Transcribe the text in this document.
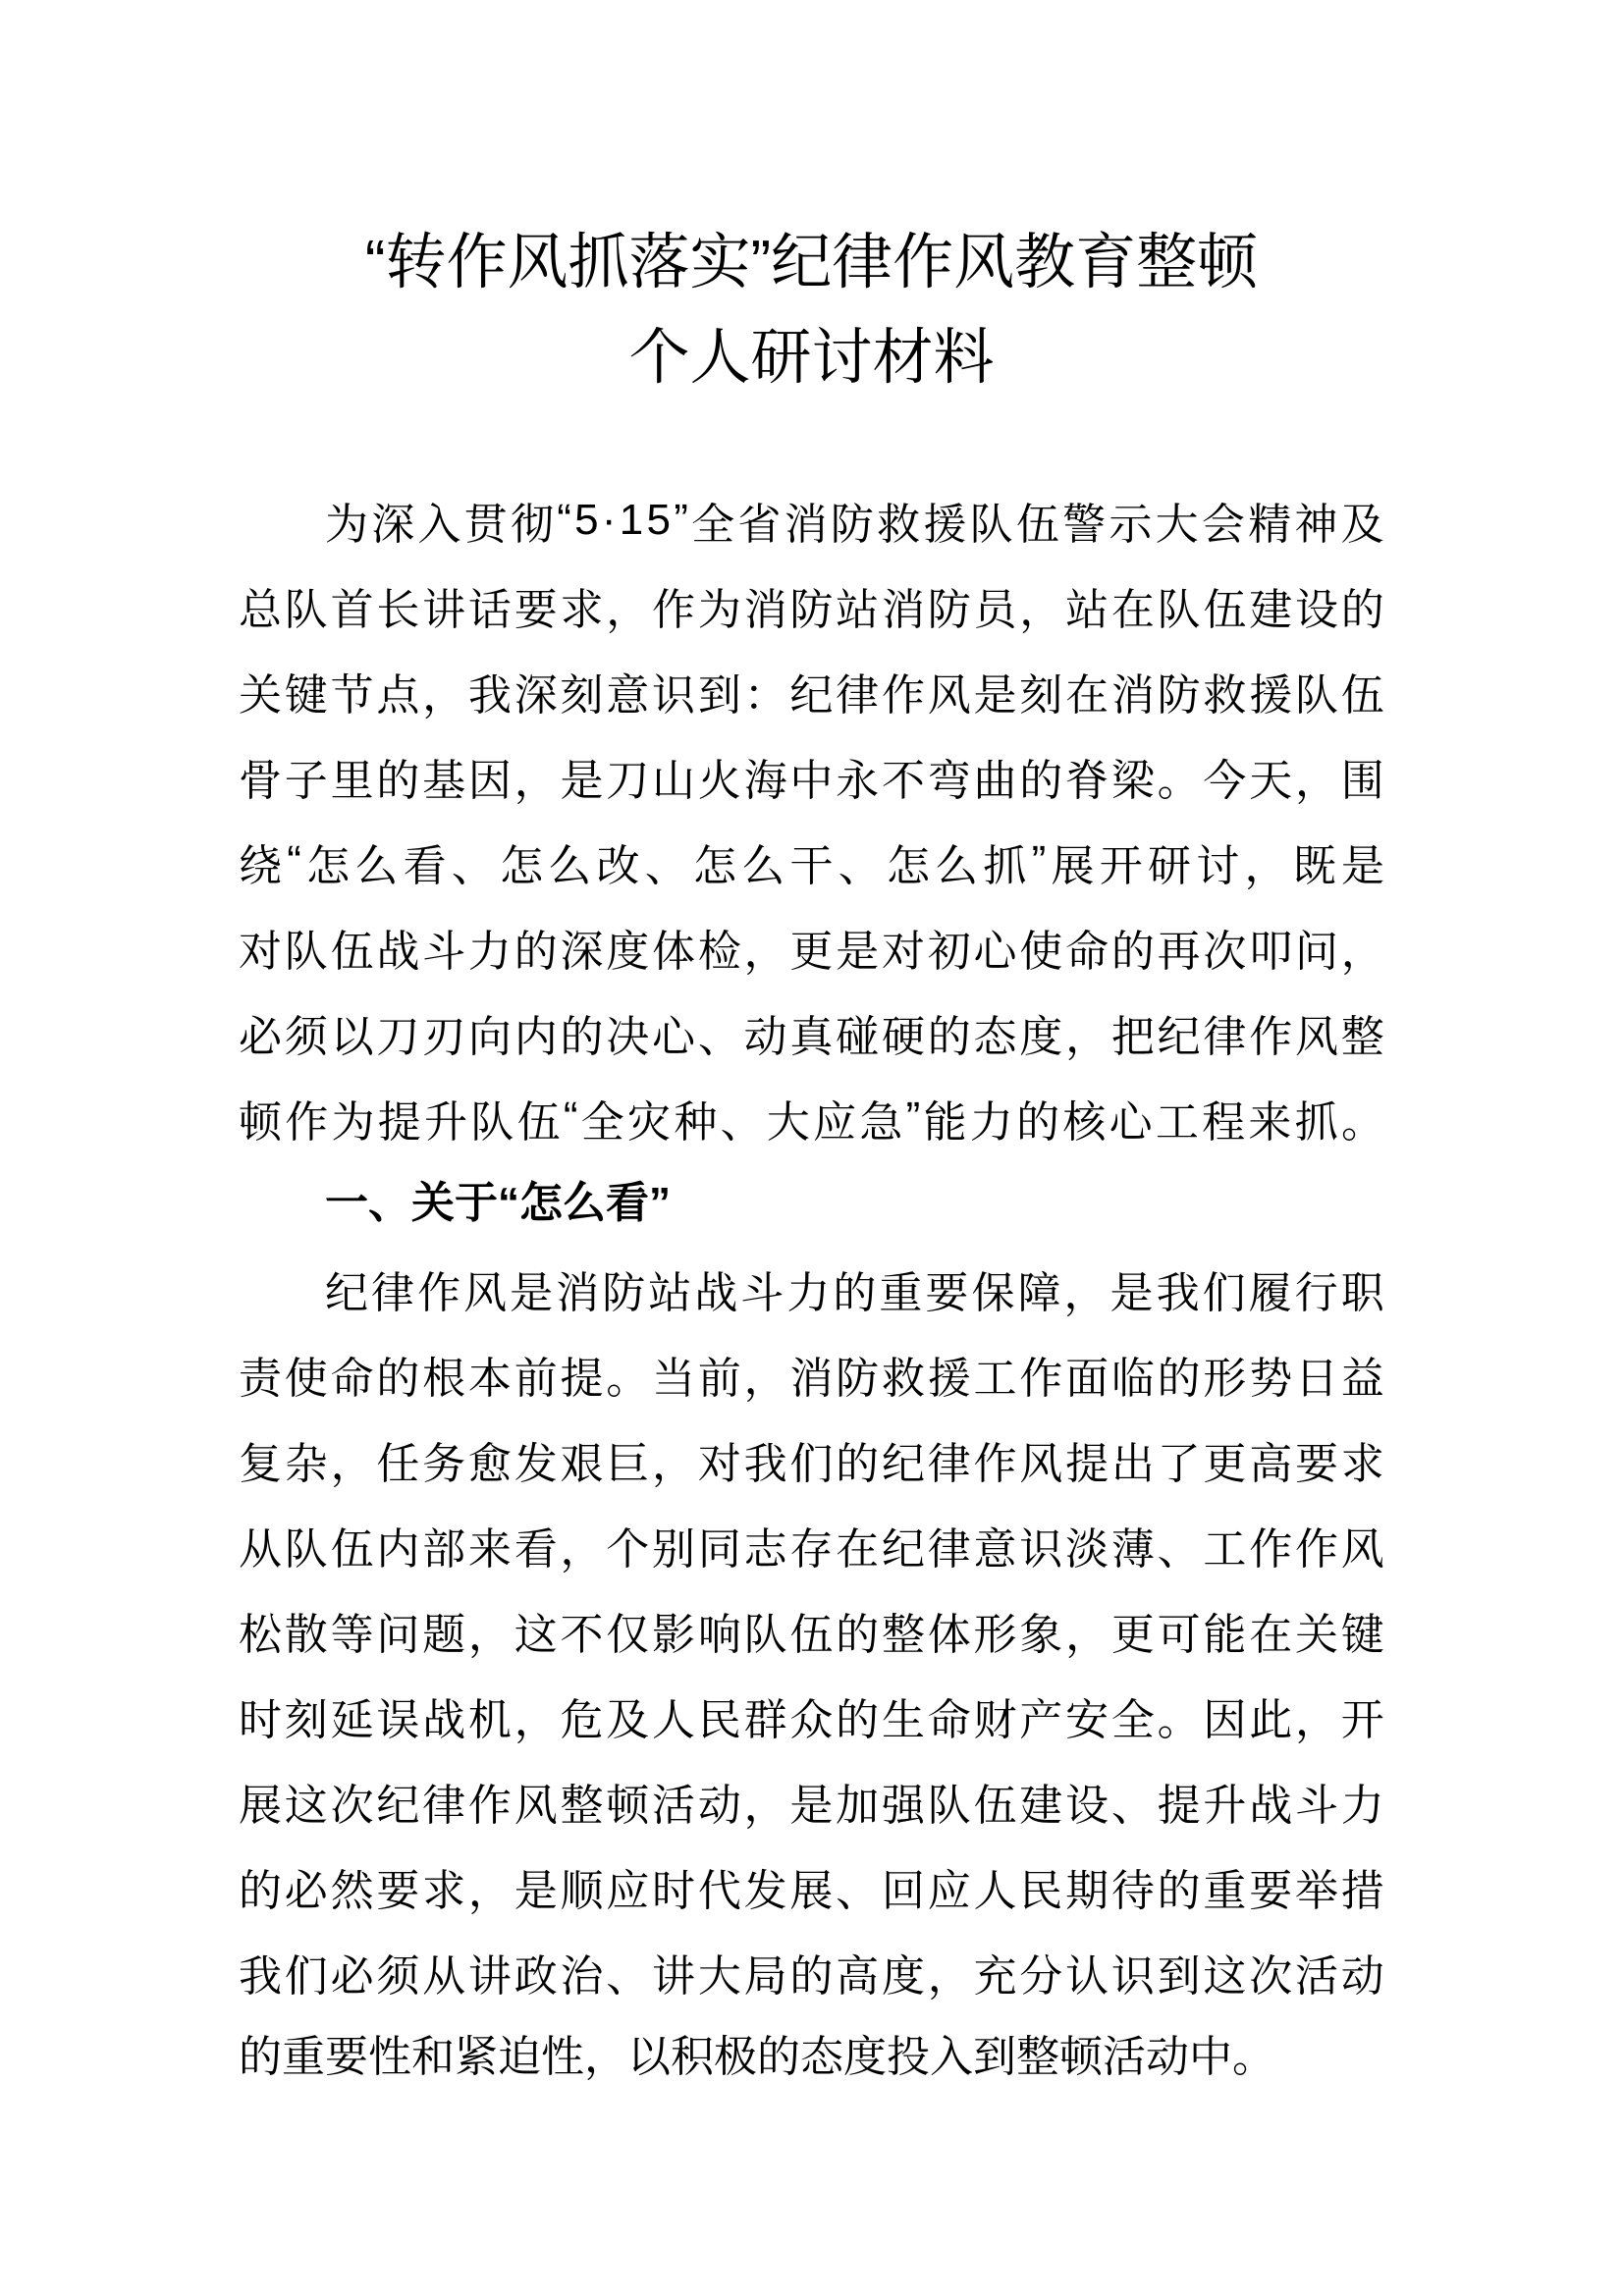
“转作风抓落实”纪律作风教育整顿
个人研讨材料
为 深 入 贯 彻 “ 5 · 1 5 ” 全 省 消 防 救 援 队 伍 警 示 大 会 精 神 及
总 队 首 长 讲 话 要 求 ， 作 为 消 防 站 消 防 员 ， 站 在 队 伍 建 设 的
关 键 节 点 ， 我 深 刻 意 识 到 ： 纪 律 作 风 是 刻 在 消 防 救 援 队 伍
骨 子 里 的 基 因 ， 是 刀 山 火 海 中 永 不 弯 曲 的 脊 梁 。 今 天 ， 围
绕 “ 怎 么 看 、 怎 么 改 、 怎 么 干 、 怎 么 抓 ” 展 开 研 讨 ， 既 是
对 队 伍 战 斗 力 的 深 度 体 检 ， 更 是 对 初 心 使 命 的 再 次 叩 问 ，
必 须 以 刀 刃 向 内 的 决 心 、 动 真 碰 硬 的 态 度 ， 把 纪 律 作 风 整
顿 作 为 提 升 队 伍 “ 全 灾 种 、 大 应 急 ” 能 力 的 核 心 工 程 来 抓 。
一、关于“怎么看”
纪 律 作 风 是 消 防 站 战 斗 力 的 重 要 保 障 ， 是 我 们 履 行 职
责 使 命 的 根 本 前 提 。 当 前 ， 消 防 救 援 工 作 面 临 的 形 势 日 益
复 杂 ， 任 务 愈 发 艰 巨 ， 对 我 们 的 纪 律 作 风 提 出 了 更 高 要 求
从 队 伍 内 部 来 看 ， 个 别 同 志 存 在 纪 律 意 识 淡 薄 、 工 作 作 风
松 散 等 问 题 ， 这 不 仅 影 响 队 伍 的 整 体 形 象 ， 更 可 能 在 关 键
时 刻 延 误 战 机 ， 危 及 人 民 群 众 的 生 命 财 产 安 全 。 因 此 ， 开
展 这 次 纪 律 作 风 整 顿 活 动 ， 是 加 强 队 伍 建 设 、 提 升 战 斗 力
的 必 然 要 求 ， 是 顺 应 时 代 发 展 、 回 应 人 民 期 待 的 重 要 举 措
我 们 必 须 从 讲 政 治 、 讲 大 局 的 高 度 ， 充 分 认 识 到 这 次 活 动
的重要性和紧迫性，以积极的态度投入到整顿活动中。
